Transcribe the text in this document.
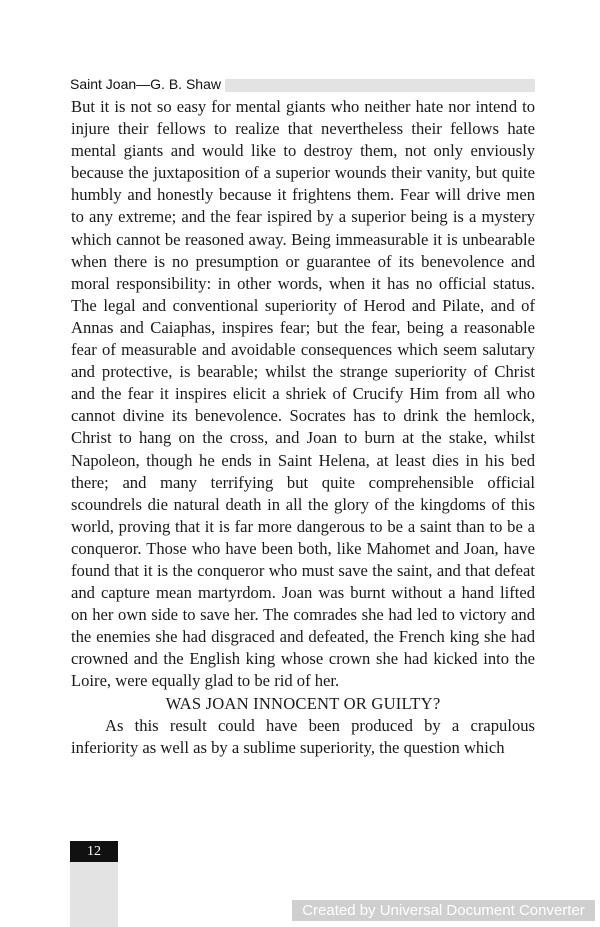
Saint Joan—G. B. Shaw

But it is not so easy for mental giants who neither hate nor intend to injure their fellows to realize that nevertheless their fellows hate mental giants and would like to destroy them, not only enviously because the juxtaposition of a superior wounds their vanity, but quite humbly and honestly because it frightens them. Fear will drive men to any extreme; and the fear ispired by a superior being is a mystery which cannot be reasoned away. Being immeasurable it is unbearable when there is no presumption or guarantee of its benevolence and moral responsibility: in other words, when it has no official status. The legal and conventional superiority of Herod and Pilate, and of Annas and Caiaphas, inspires fear; but the fear, being a reasonable fear of measurable and avoidable consequences which seem salutary and protective, is bearable; whilst the strange superiority of Christ and the fear it inspires elicit a shriek of Crucify Him from all who cannot divine its benevolence. Socrates has to drink the hemlock, Christ to hang on the cross, and Joan to burn at the stake, whilst Napoleon, though he ends in Saint Helena, at least dies in his bed there; and many terrifying but quite comprehensible official scoundrels die natural death in all the glory of the kingdoms of this world, proving that it is far more dangerous to be a saint than to be a conqueror. Those who have been both, like Mahomet and Joan, have found that it is the conqueror who must save the saint, and that defeat and capture mean martyrdom. Joan was burnt without a hand lifted on her own side to save her. The comrades she had led to victory and the enemies she had disgraced and defeated, the French king she had crowned and the English king whose crown she had kicked into the Loire, were equally glad to be rid of her.

WAS JOAN INNOCENT OR GUILTY?

As this result could have been produced by a crapulous inferiority as well as by a sublime superiority, the question which

12
Created by Universal Document Converter
